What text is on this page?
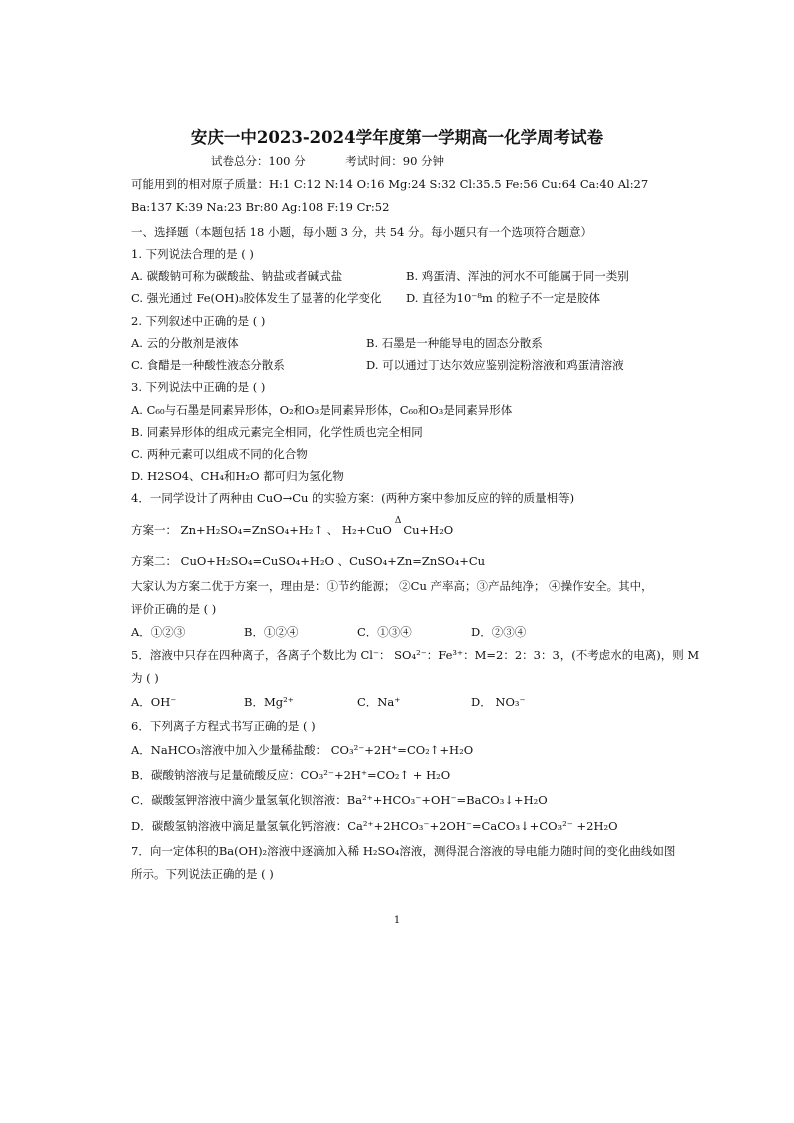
安庆一中2023-2024学年度第一学期高一化学周考试卷
试卷总分：100 分	考试时间：90 分钟
可能用到的相对原子质量：H:1 C:12 N:14 O:16 Mg:24 S:32 Cl:35.5 Fe:56 Cu:64 Ca:40 Al:27
Ba:137 K:39 Na:23 Br:80 Ag:108 F:19 Cr:52
一、选择题（本题包括 18 小题，每小题 3 分，共 54 分。每小题只有一个选项符合题意）
1. 下列说法合理的是 ( )
A. 碳酸钠可称为碳酸盐、钠盐或者碱式盐	B. 鸡蛋清、浑浊的河水不可能属于同一类别
C. 强光通过 Fe(OH)₃胶体发生了显著的化学变化 D. 直径为10⁻⁸m 的粒子不一定是胶体
2. 下列叙述中正确的是 ( )
A. 云的分散剂是液体	B. 石墨是一种能导电的固态分散系
C. 食醋是一种酸性液态分散系	D. 可以通过丁达尔效应鉴别淀粉溶液和鸡蛋清溶液
3. 下列说法中正确的是 ( )
A. C₆₀与石墨是同素异形体，O₂和O₃是同素异形体，C₆₀和O₃是同素异形体
B. 同素异形体的组成元素完全相同，化学性质也完全相同
C. 两种元素可以组成不同的化合物
D. H2SO4、CH₄和H₂O 都可归为氢化物
4．一同学设计了两种由 CuO→Cu 的实验方案：(两种方案中参加反应的锌的质量相等)
方案一： Zn+H₂SO₄=ZnSO₄+H₂↑ 、 H₂+CuO
Δ
 Cu+H₂O
方案二： CuO+H₂SO₄=CuSO₄+H₂O 、CuSO₄+Zn=ZnSO₄+Cu
大家认为方案二优于方案一，理由是：①节约能源； ②Cu 产率高；③产品纯净； ④操作安全。其中，
评价正确的是 ( )
A．①②③	B．①②④	C．①③④	D．②③④
5．溶液中只存在四种离子，各离子个数比为 Cl⁻： SO₄²⁻：Fe³⁺：M=2：2：3：3，(不考虑水的电离)，则 M
为 ( )
A．OH⁻	B．Mg²⁺	C．Na⁺	D． NO₃⁻
6．下列离子方程式书写正确的是 ( )
A．NaHCO₃溶液中加入少量稀盐酸： CO₃²⁻+2H⁺=CO₂↑+H₂O
B．碳酸钠溶液与足量硫酸反应：CO₃²⁻+2H⁺=CO₂↑ + H₂O
C．碳酸氢钾溶液中滴少量氢氧化钡溶液：Ba²⁺+HCO₃⁻+OH⁻=BaCO₃↓+H₂O
D．碳酸氢钠溶液中滴足量氢氧化钙溶液：Ca²⁺+2HCO₃⁻+2OH⁻=CaCO₃↓+CO₃²⁻ +2H₂O
7．向一定体积的Ba(OH)₂溶液中逐滴加入稀 H₂SO₄溶液，测得混合溶液的导电能力随时间的变化曲线如图
所示。下列说法正确的是 ( )
1
